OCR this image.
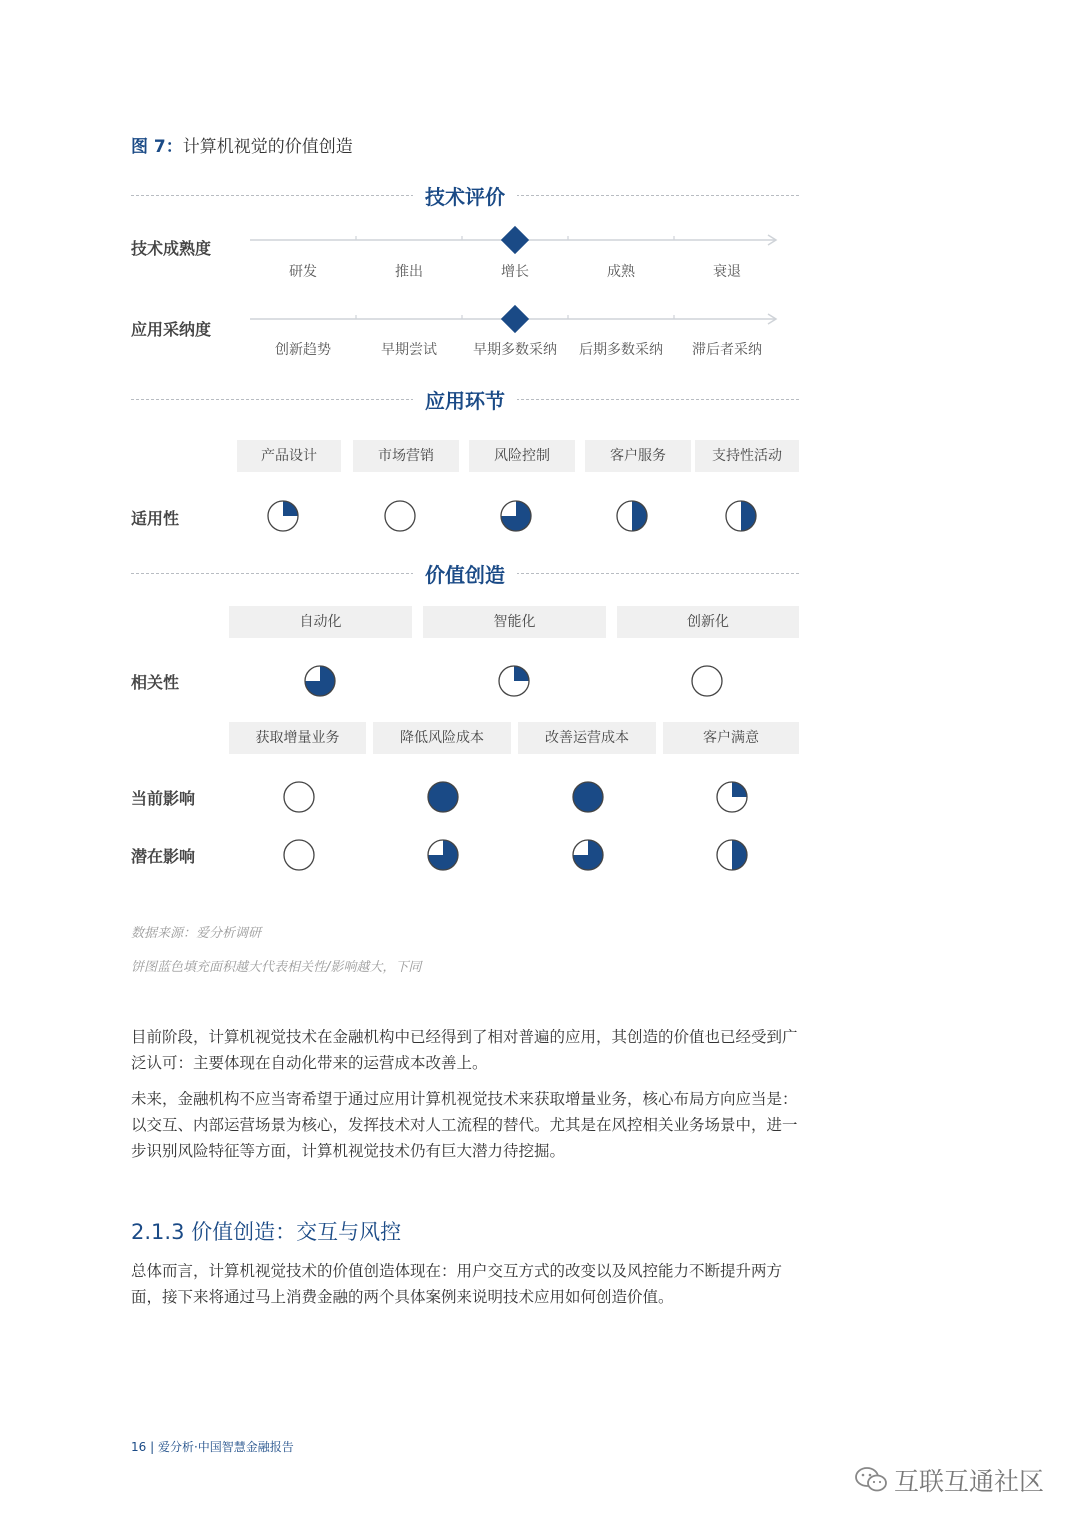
图 7：计算机视觉的价值创造
技术评价
技术成熟度
研发	推出	增长	成熟	衰退
应用采纳度
创新趋势	早期尝试	早期多数采纳	后期多数采纳	滞后者采纳
应用环节
产品设计	市场营销	风险控制	客户服务	支持性活动
适用性
价值创造
自动化	智能化	创新化
相关性
获取增量业务	降低风险成本	改善运营成本	客户满意
当前影响
潜在影响
数据来源：爱分析调研
饼图蓝色填充面积越大代表相关性/影响越大，下同

目前阶段，计算机视觉技术在金融机构中已经得到了相对普遍的应用，其创造的价值也已经受到广泛认可：主要体现在自动化带来的运营成本改善上。

未来，金融机构不应当寄希望于通过应用计算机视觉技术来获取增量业务，核心布局方向应当是：以交互、内部运营场景为核心，发挥技术对人工流程的替代。尤其是在风控相关业务场景中，进一步识别风险特征等方面，计算机视觉技术仍有巨大潜力待挖掘。

2.1.3 价值创造：交互与风控
总体而言，计算机视觉技术的价值创造体现在：用户交互方式的改变以及风控能力不断提升两方面，接下来将通过马上消费金融的两个具体案例来说明技术应用如何创造价值。
16 | 爱分析·中国智慧金融报告
互联互通社区
